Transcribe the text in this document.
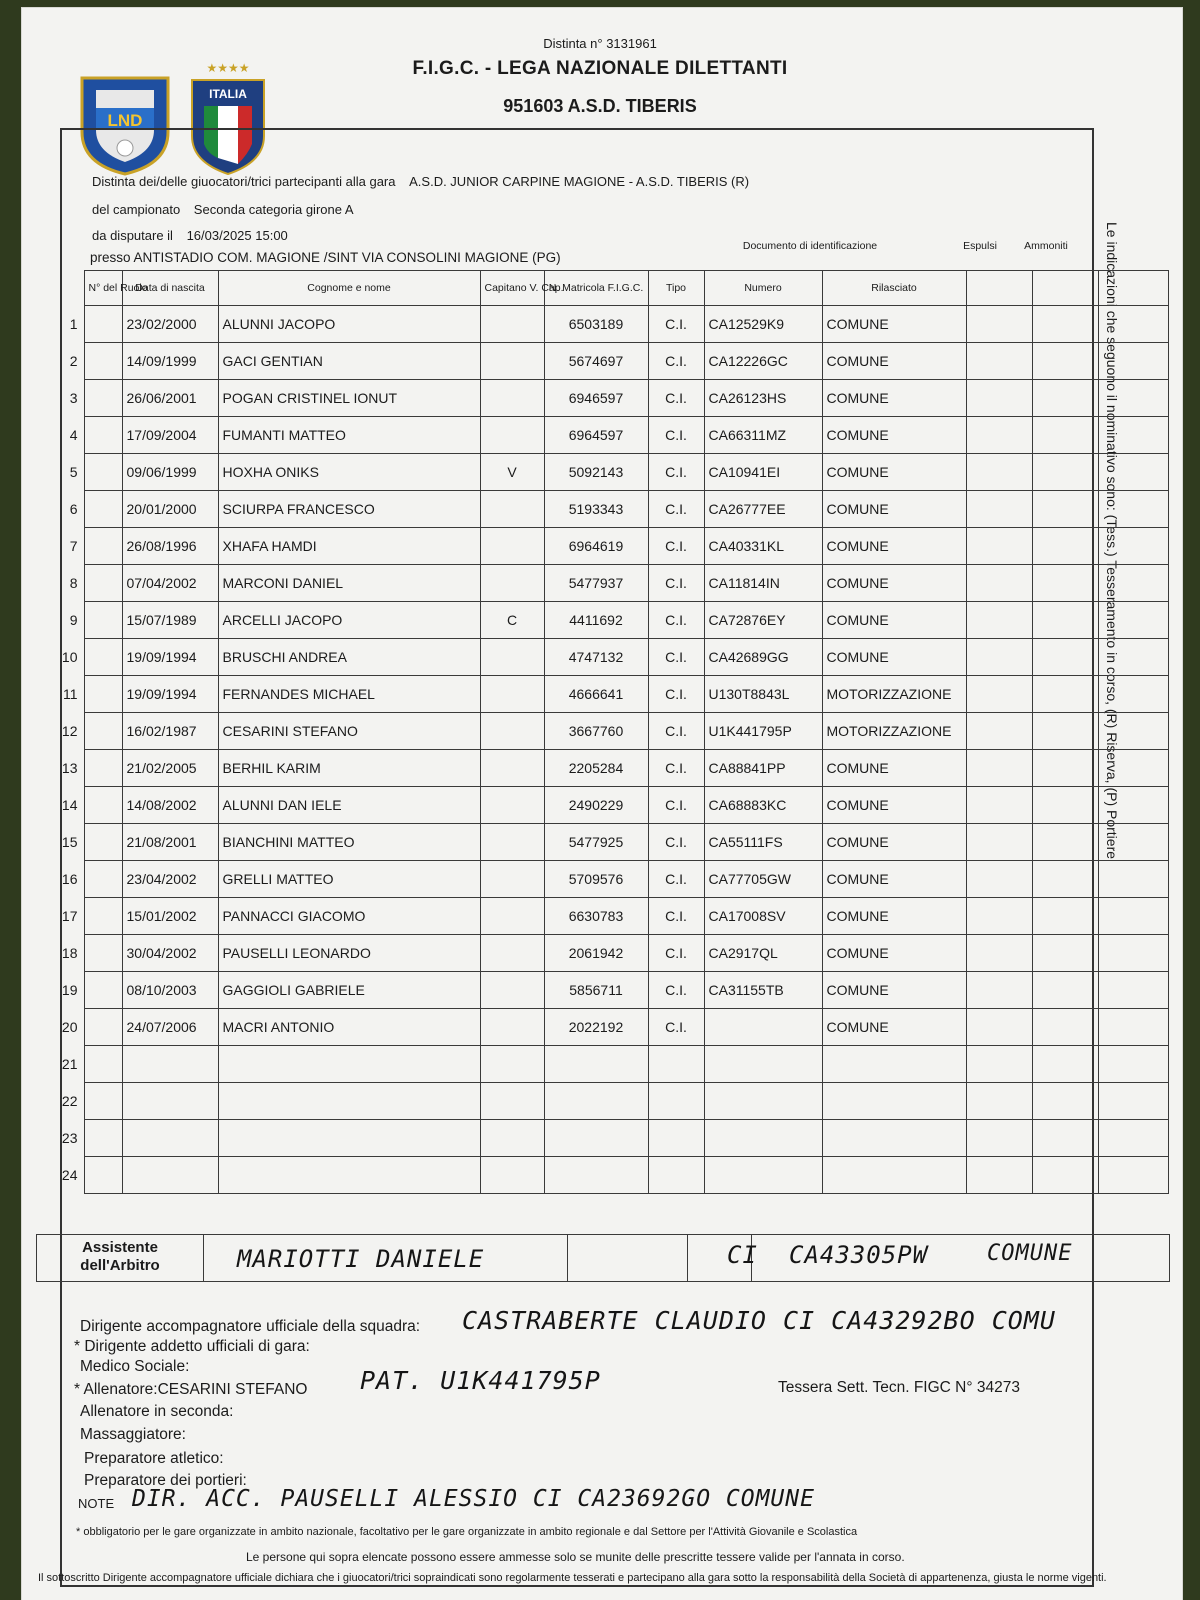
LND
★★★★
ITALIA
Distinta n° 3131961
F.I.G.C. - LEGA NAZIONALE DILETTANTI
951603 A.S.D. TIBERIS
Distinta dei/delle giuocatori/trici partecipanti alla gara A.S.D. JUNIOR CARPINE MAGIONE - A.S.D. TIBERIS (R)
del campionato Seconda categoria girone A
da disputare il 16/03/2025 15:00
presso ANTISTADIO COM. MAGIONE /SINT VIA CONSOLINI MAGIONE (PG)	Le indicazioni che seguono il nominativo sono: (Tess.) Tesseramento in corso, (R) Riserva, (P) Portiere
Documento di identificazione	Espulsi	Ammoniti
	N° del Ruolo	Data di nascita	Cognome e nome	Capitano V. Cap.	N. Matricola F.I.G.C.	Tipo	Numero	Rilasciato			
1		23/02/2000	ALUNNI JACOPO		6503189	C.I.	CA12529K9	COMUNE			
2		14/09/1999	GACI GENTIAN		5674697	C.I.	CA12226GC	COMUNE			
3		26/06/2001	POGAN CRISTINEL IONUT		6946597	C.I.	CA26123HS	COMUNE			
4		17/09/2004	FUMANTI MATTEO		6964597	C.I.	CA66311MZ	COMUNE			
5		09/06/1999	HOXHA ONIKS	V	5092143	C.I.	CA10941EI	COMUNE			
6		20/01/2000	SCIURPA FRANCESCO		5193343	C.I.	CA26777EE	COMUNE			
7		26/08/1996	XHAFA HAMDI		6964619	C.I.	CA40331KL	COMUNE			
8		07/04/2002	MARCONI DANIEL		5477937	C.I.	CA11814IN	COMUNE			
9		15/07/1989	ARCELLI JACOPO	C	4411692	C.I.	CA72876EY	COMUNE			
10		19/09/1994	BRUSCHI ANDREA		4747132	C.I.	CA42689GG	COMUNE			
11		19/09/1994	FERNANDES MICHAEL		4666641	C.I.	U130T8843L	MOTORIZZAZIONE			
12		16/02/1987	CESARINI STEFANO		3667760	C.I.	U1K441795P	MOTORIZZAZIONE			
13		21/02/2005	BERHIL KARIM		2205284	C.I.	CA88841PP	COMUNE			
14		14/08/2002	ALUNNI DAN IELE		2490229	C.I.	CA68883KC	COMUNE			
15		21/08/2001	BIANCHINI MATTEO		5477925	C.I.	CA55111FS	COMUNE			
16		23/04/2002	GRELLI MATTEO		5709576	C.I.	CA77705GW	COMUNE			
17		15/01/2002	PANNACCI GIACOMO		6630783	C.I.	CA17008SV	COMUNE			
18		30/04/2002	PAUSELLI LEONARDO		2061942	C.I.	CA2917QL	COMUNE			
19		08/10/2003	GAGGIOLI GABRIELE		5856711	C.I.	CA31155TB	COMUNE			
20		24/07/2006	MACRI ANTONIO		2022192	C.I.		COMUNE			
21											
22											
23											
24											
Assistente dell'Arbitro	MARIOTTI DANIELE	CI CA43305PW	COMUNE
Dirigente accompagnatore ufficiale della squadra: CASTRABERTE CLAUDIO CI CA43292BO COMU
* Dirigente addetto ufficiali di gara:
Medico Sociale:
* Allenatore:CESARINI STEFANO PAT. U1K441795P	Tessera Sett. Tecn. FIGC N° 34273
Allenatore in seconda:
Massaggiatore:
Preparatore atletico:
Preparatore dei portieri:
NOTE DIR. ACC. PAUSELLI ALESSIO CI CA23692GO COMUNE
* obbligatorio per le gare organizzate in ambito nazionale, facoltativo per le gare organizzate in ambito regionale e dal Settore per l'Attività Giovanile e Scolastica
Le persone qui sopra elencate possono essere ammesse solo se munite delle prescritte tessere valide per l'annata in corso.
Il sottoscritto Dirigente accompagnatore ufficiale dichiara che i giuocatori/trici sopraindicati sono regolarmente tesserati e partecipano alla gara sotto la responsabilità della Società di appartenenza, giusta le norme vigenti.
